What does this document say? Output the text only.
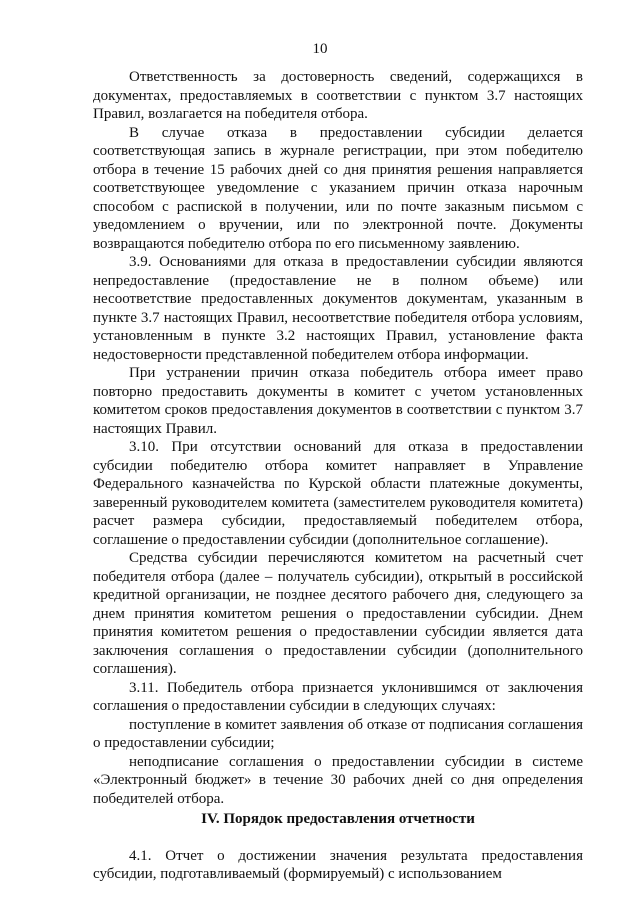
10

Ответственность за достоверность сведений, содержащихся в документах, предоставляемых в соответствии с пунктом 3.7 настоящих Правил, возлагается на победителя отбора.

В случае отказа в предоставлении субсидии делается соответствующая запись в журнале регистрации, при этом победителю отбора в течение 15 рабочих дней со дня принятия решения направляется соответствующее уведомление с указанием причин отказа нарочным способом с распиской в получении, или по почте заказным письмом с уведомлением о вручении, или по электронной почте. Документы возвращаются победителю отбора по его письменному заявлению.

3.9. Основаниями для отказа в предоставлении субсидии являются непредоставление (предоставление не в полном объеме) или несоответствие предоставленных документов документам, указанным в пункте 3.7 настоящих Правил, несоответствие победителя отбора условиям, установленным в пункте 3.2 настоящих Правил, установление факта недостоверности представленной победителем отбора информации.

При устранении причин отказа победитель отбора имеет право повторно предоставить документы в комитет с учетом установленных комитетом сроков предоставления документов в соответствии с пунктом 3.7 настоящих Правил.

3.10. При отсутствии оснований для отказа в предоставлении субсидии победителю отбора комитет направляет в Управление Федерального казначейства по Курской области платежные документы, заверенный руководителем комитета (заместителем руководителя комитета) расчет размера субсидии, предоставляемый победителем отбора, соглашение о предоставлении субсидии (дополнительное соглашение).

Средства субсидии перечисляются комитетом на расчетный счет победителя отбора (далее – получатель субсидии), открытый в российской кредитной организации, не позднее десятого рабочего дня, следующего за днем принятия комитетом решения о предоставлении субсидии. Днем принятия комитетом решения о предоставлении субсидии является дата заключения соглашения о предоставлении субсидии (дополнительного соглашения).

3.11. Победитель отбора признается уклонившимся от заключения соглашения о предоставлении субсидии в следующих случаях:

поступление в комитет заявления об отказе от подписания соглашения о предоставлении субсидии;

неподписание соглашения о предоставлении субсидии в системе «Электронный бюджет» в течение 30 рабочих дней со дня определения победителей отбора.

IV. Порядок предоставления отчетности

4.1. Отчет о достижении значения результата предоставления субсидии, подготавливаемый (формируемый) с использованием
